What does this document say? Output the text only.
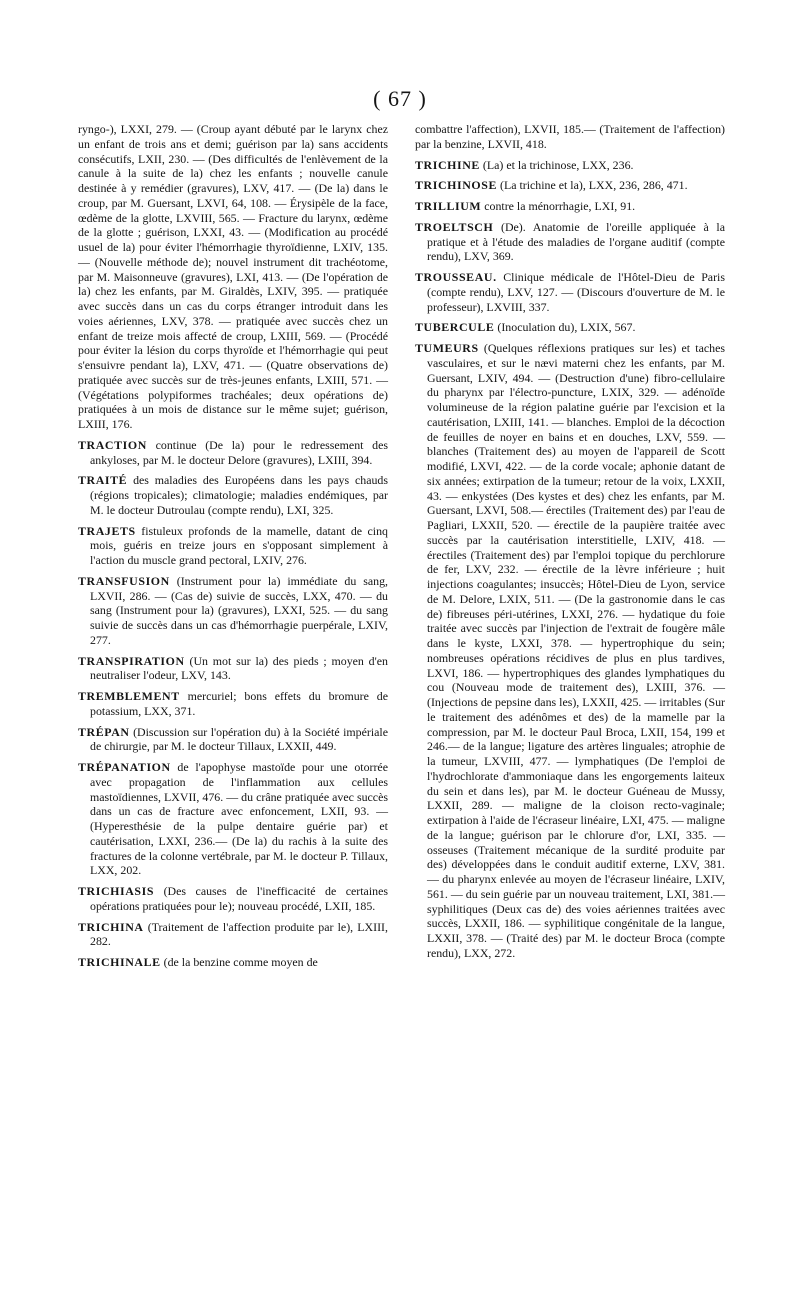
( 67 )

ryngo-), LXXI, 279. — (Croup ayant débuté par le larynx chez un enfant de trois ans et demi; guérison par la) sans accidents consécutifs, LXII, 230. — (Des difficultés de l'enlèvement de la canule à la suite de la) chez les enfants ; nouvelle canule destinée à y remédier (gravures), LXV, 417. — (De la) dans le croup, par M. Guersant, LXVI, 64, 108. — Érysipèle de la face, œdème de la glotte, LXVIII, 565. — Fracture du larynx, œdème de la glotte ; guérison, LXXI, 43. — (Modification au procédé usuel de la) pour éviter l'hémorrhagie thyroïdienne, LXIV, 135. — (Nouvelle méthode de); nouvel instrument dit trachéotome, par M. Maisonneuve (gravures), LXI, 413. — (De l'opération de la) chez les enfants, par M. Giraldès, LXIV, 395. — pratiquée avec succès dans un cas du corps étranger introduit dans les voies aériennes, LXV, 378. — pratiquée avec succès chez un enfant de treize mois affecté de croup, LXIII, 569. — (Procédé pour éviter la lésion du corps thyroïde et l'hémorrhagie qui peut s'ensuivre pendant la), LXV, 471. — (Quatre observations de) pratiquée avec succès sur de très-jeunes enfants, LXIII, 571. — (Végétations polypiformes trachéales; deux opérations de) pratiquées à un mois de distance sur le même sujet; guérison, LXIII, 176.

TRACTION continue (De la) pour le redressement des ankyloses, par M. le docteur Delore (gravures), LXIII, 394.

TRAITÉ des maladies des Européens dans les pays chauds (régions tropicales); climatologie; maladies endémiques, par M. le docteur Dutroulau (compte rendu), LXI, 325.

TRAJETS fistuleux profonds de la mamelle, datant de cinq mois, guéris en treize jours en s'opposant simplement à l'action du muscle grand pectoral, LXIV, 276.

TRANSFUSION (Instrument pour la) immédiate du sang, LXVII, 286. — (Cas de) suivie de succès, LXX, 470. — du sang (Instrument pour la) (gravures), LXXI, 525. — du sang suivie de succès dans un cas d'hémorrhagie puerpérale, LXIV, 277.

TRANSPIRATION (Un mot sur la) des pieds ; moyen d'en neutraliser l'odeur, LXV, 143.

TREMBLEMENT mercuriel; bons effets du bromure de potassium, LXX, 371.

TRÉPAN (Discussion sur l'opération du) à la Société impériale de chirurgie, par M. le docteur Tillaux, LXXII, 449.

TRÉPANATION de l'apophyse mastoïde pour une otorrée avec propagation de l'inflammation aux cellules mastoïdiennes, LXVII, 476. — du crâne pratiquée avec succès dans un cas de fracture avec enfoncement, LXII, 93. — (Hyperesthésie de la pulpe dentaire guérie par) et cautérisation, LXXI, 236.— (De la) du rachis à la suite des fractures de la colonne vertébrale, par M. le docteur P. Tillaux, LXX, 202.

TRICHIASIS (Des causes de l'inefficacité de certaines opérations pratiquées pour le); nouveau procédé, LXII, 185.

TRICHINA (Traitement de l'affection produite par le), LXIII, 282.

TRICHINALE (de la benzine comme moyen de

combattre l'affection), LXVII, 185.— (Traitement de l'affection) par la benzine, LXVII, 418.

TRICHINE (La) et la trichinose, LXX, 236.

TRICHINOSE (La trichine et la), LXX, 236, 286, 471.

TRILLIUM contre la ménorrhagie, LXI, 91.

TROELTSCH (De). Anatomie de l'oreille appliquée à la pratique et à l'étude des maladies de l'organe auditif (compte rendu), LXV, 369.

TROUSSEAU. Clinique médicale de l'Hôtel-Dieu de Paris (compte rendu), LXV, 127. — (Discours d'ouverture de M. le professeur), LXVIII, 337.

TUBERCULE (Inoculation du), LXIX, 567.

TUMEURS (Quelques réflexions pratiques sur les) et taches vasculaires, et sur le nævi materni chez les enfants, par M. Guersant, LXIV, 494. — (Destruction d'une) fibro-cellulaire du pharynx par l'électro-puncture, LXIX, 329. — adénoïde volumineuse de la région palatine guérie par l'excision et la cautérisation, LXIII, 141. — blanches. Emploi de la décoction de feuilles de noyer en bains et en douches, LXV, 559. — blanches (Traitement des) au moyen de l'appareil de Scott modifié, LXVI, 422. — de la corde vocale; aphonie datant de six années; extirpation de la tumeur; retour de la voix, LXXII, 43. — enkystées (Des kystes et des) chez les enfants, par M. Guersant, LXVI, 508.— érectiles (Traitement des) par l'eau de Pagliari, LXXII, 520. — érectile de la paupière traitée avec succès par la cautérisation interstitielle, LXIV, 418. — érectiles (Traitement des) par l'emploi topique du perchlorure de fer, LXV, 232. — érectile de la lèvre inférieure ; huit injections coagulantes; insuccès; Hôtel-Dieu de Lyon, service de M. Delore, LXIX, 511. — (De la gastronomie dans le cas de) fibreuses péri-utérines, LXXI, 276. — hydatique du foie traitée avec succès par l'injection de l'extrait de fougère mâle dans le kyste, LXXI, 378. — hypertrophique du sein; nombreuses opérations récidives de plus en plus tardives, LXVI, 186. — hypertrophiques des glandes lymphatiques du cou (Nouveau mode de traitement des), LXIII, 376. — (Injections de pepsine dans les), LXXII, 425. — irritables (Sur le traitement des adénômes et des) de la mamelle par la compression, par M. le docteur Paul Broca, LXII, 154, 199 et 246.— de la langue; ligature des artères linguales; atrophie de la tumeur, LXVIII, 477. — lymphatiques (De l'emploi de l'hydrochlorate d'ammoniaque dans les engorgements laiteux du sein et dans les), par M. le docteur Guéneau de Mussy, LXXII, 289. — maligne de la cloison recto-vaginale; extirpation à l'aide de l'écraseur linéaire, LXI, 475. — maligne de la langue; guérison par le chlorure d'or, LXI, 335. — osseuses (Traitement mécanique de la surdité produite par des) développées dans le conduit auditif externe, LXV, 381. — du pharynx enlevée au moyen de l'écraseur linéaire, LXIV, 561. — du sein guérie par un nouveau traitement, LXI, 381.—syphilitiques (Deux cas de) des voies aériennes traitées avec succès, LXXII, 186. — syphilitique congénitale de la langue, LXXII, 378. — (Traité des) par M. le docteur Broca (compte rendu), LXX, 272.
